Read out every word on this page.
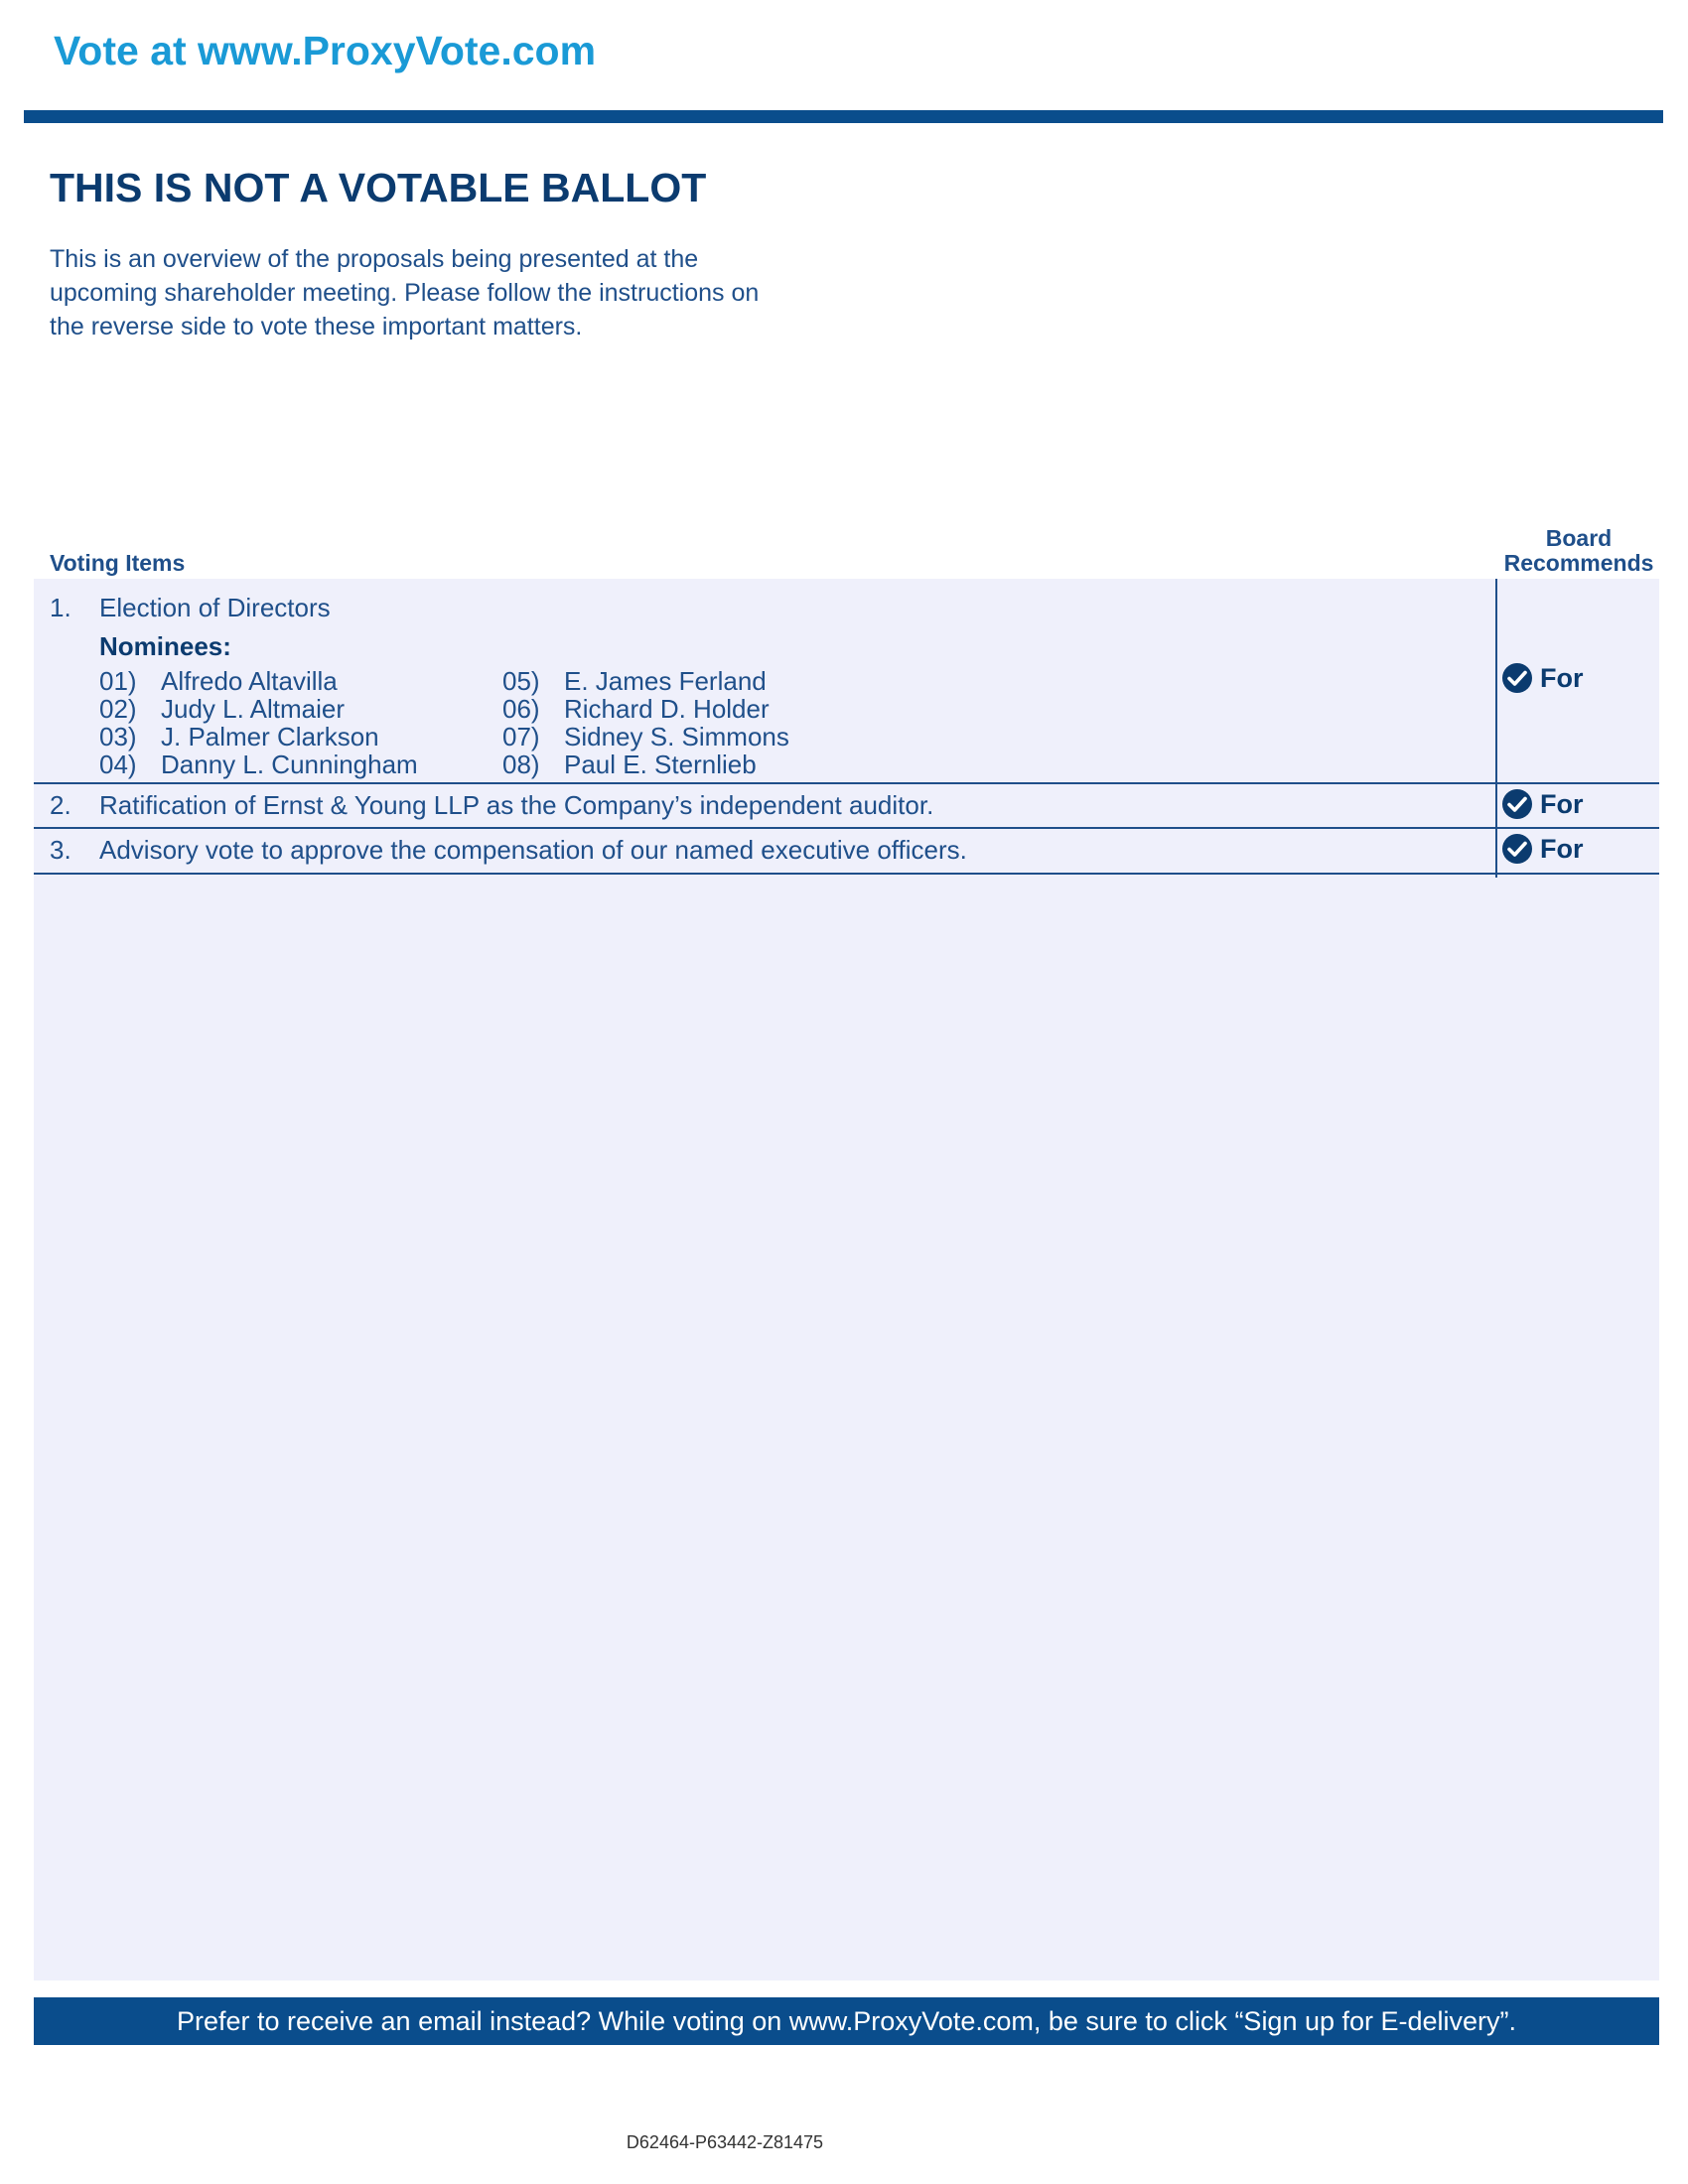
Vote at www.ProxyVote.com
THIS IS NOT A VOTABLE BALLOT
This is an overview of the proposals being presented at the
upcoming shareholder meeting. Please follow the instructions on
the reverse side to vote these important matters.
Voting Items
Board
Recommends
1. Election of Directors
Nominees:
01) Alfredo Altavilla
02) Judy L. Altmaier
03) J. Palmer Clarkson
04) Danny L. Cunningham
05) E. James Ferland
06) Richard D. Holder
07) Sidney S. Simmons
08) Paul E. Sternlieb
For
2. Ratification of Ernst & Young LLP as the Company’s independent auditor.	For
3. Advisory vote to approve the compensation of our named executive officers.	For
Prefer to receive an email instead? While voting on www.ProxyVote.com, be sure to click “Sign up for E-delivery”.
D62464-P63442-Z81475
